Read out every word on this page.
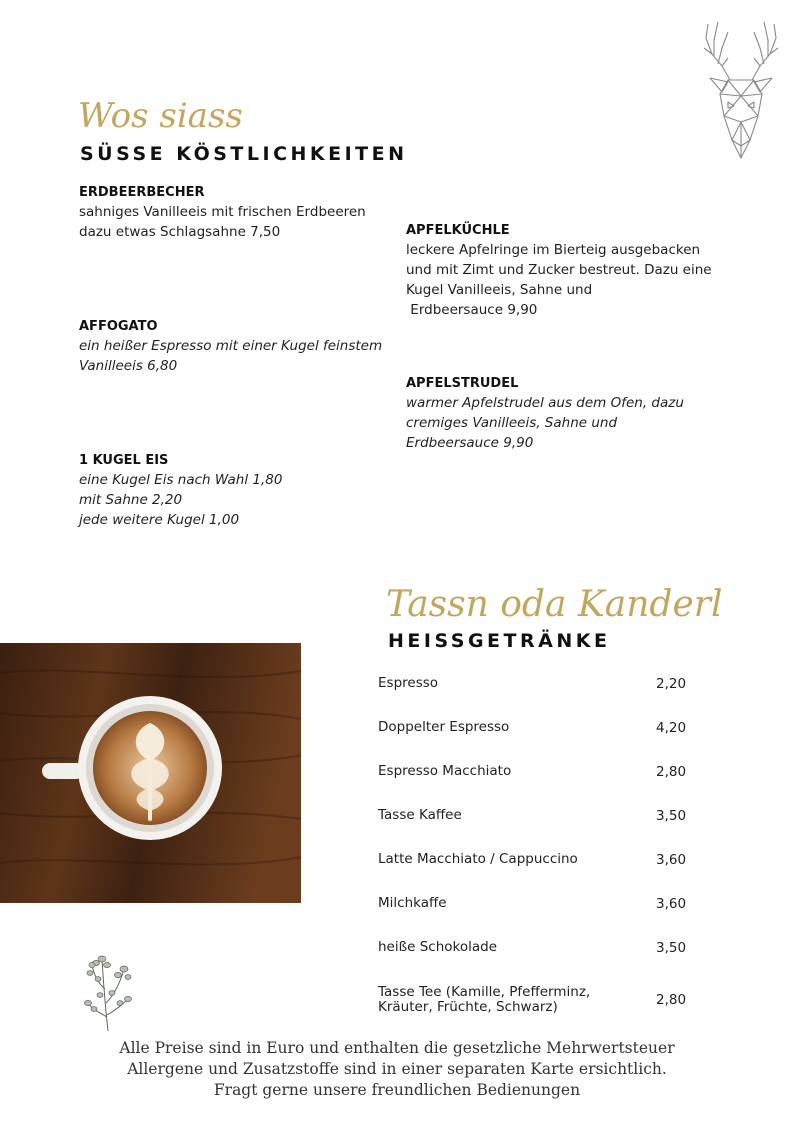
Wos siass
SÜSSE KÖSTLICHKEITEN

ERDBEERBECHER

sahniges Vanilleeis mit frischen Erdbeeren

dazu etwas Schlagsahne 7,50	APFELKÜCHLE

leckere Apfelringe im Bierteig ausgebacken

und mit Zimt und Zucker bestreut. Dazu eine

Kugel Vanilleeis, Sahne und

Erdbeersauce 9,90

AFFOGATO

ein heißer Espresso mit einer Kugel feinstem

Vanilleeis 6,80

APFELSTRUDEL

warmer Apfelstrudel aus dem Ofen, dazu

cremiges Vanilleeis, Sahne und

Erdbeersauce 9,90

1 KUGEL EIS

eine Kugel Eis nach Wahl 1,80

mit Sahne 2,20

jede weitere Kugel 1,00

Tassn oda Kanderl
HEISSGETRÄNKE
Espresso	2,20
Doppelter Espresso	4,20
Espresso Macchiato	2,80
Tasse Kaffee	3,50
Latte Macchiato / Cappuccino	3,60
Milchkaffe	3,60
heiße Schokolade	3,50
Tasse Tee (Kamille, Pfefferminz, Kräuter, Früchte, Schwarz)	2,80
Alle Preise sind in Euro und enthalten die gesetzliche Mehrwertsteuer
Allergene und Zusatzstoffe sind in einer separaten Karte ersichtlich.
Fragt gerne unsere freundlichen Bedienungen
